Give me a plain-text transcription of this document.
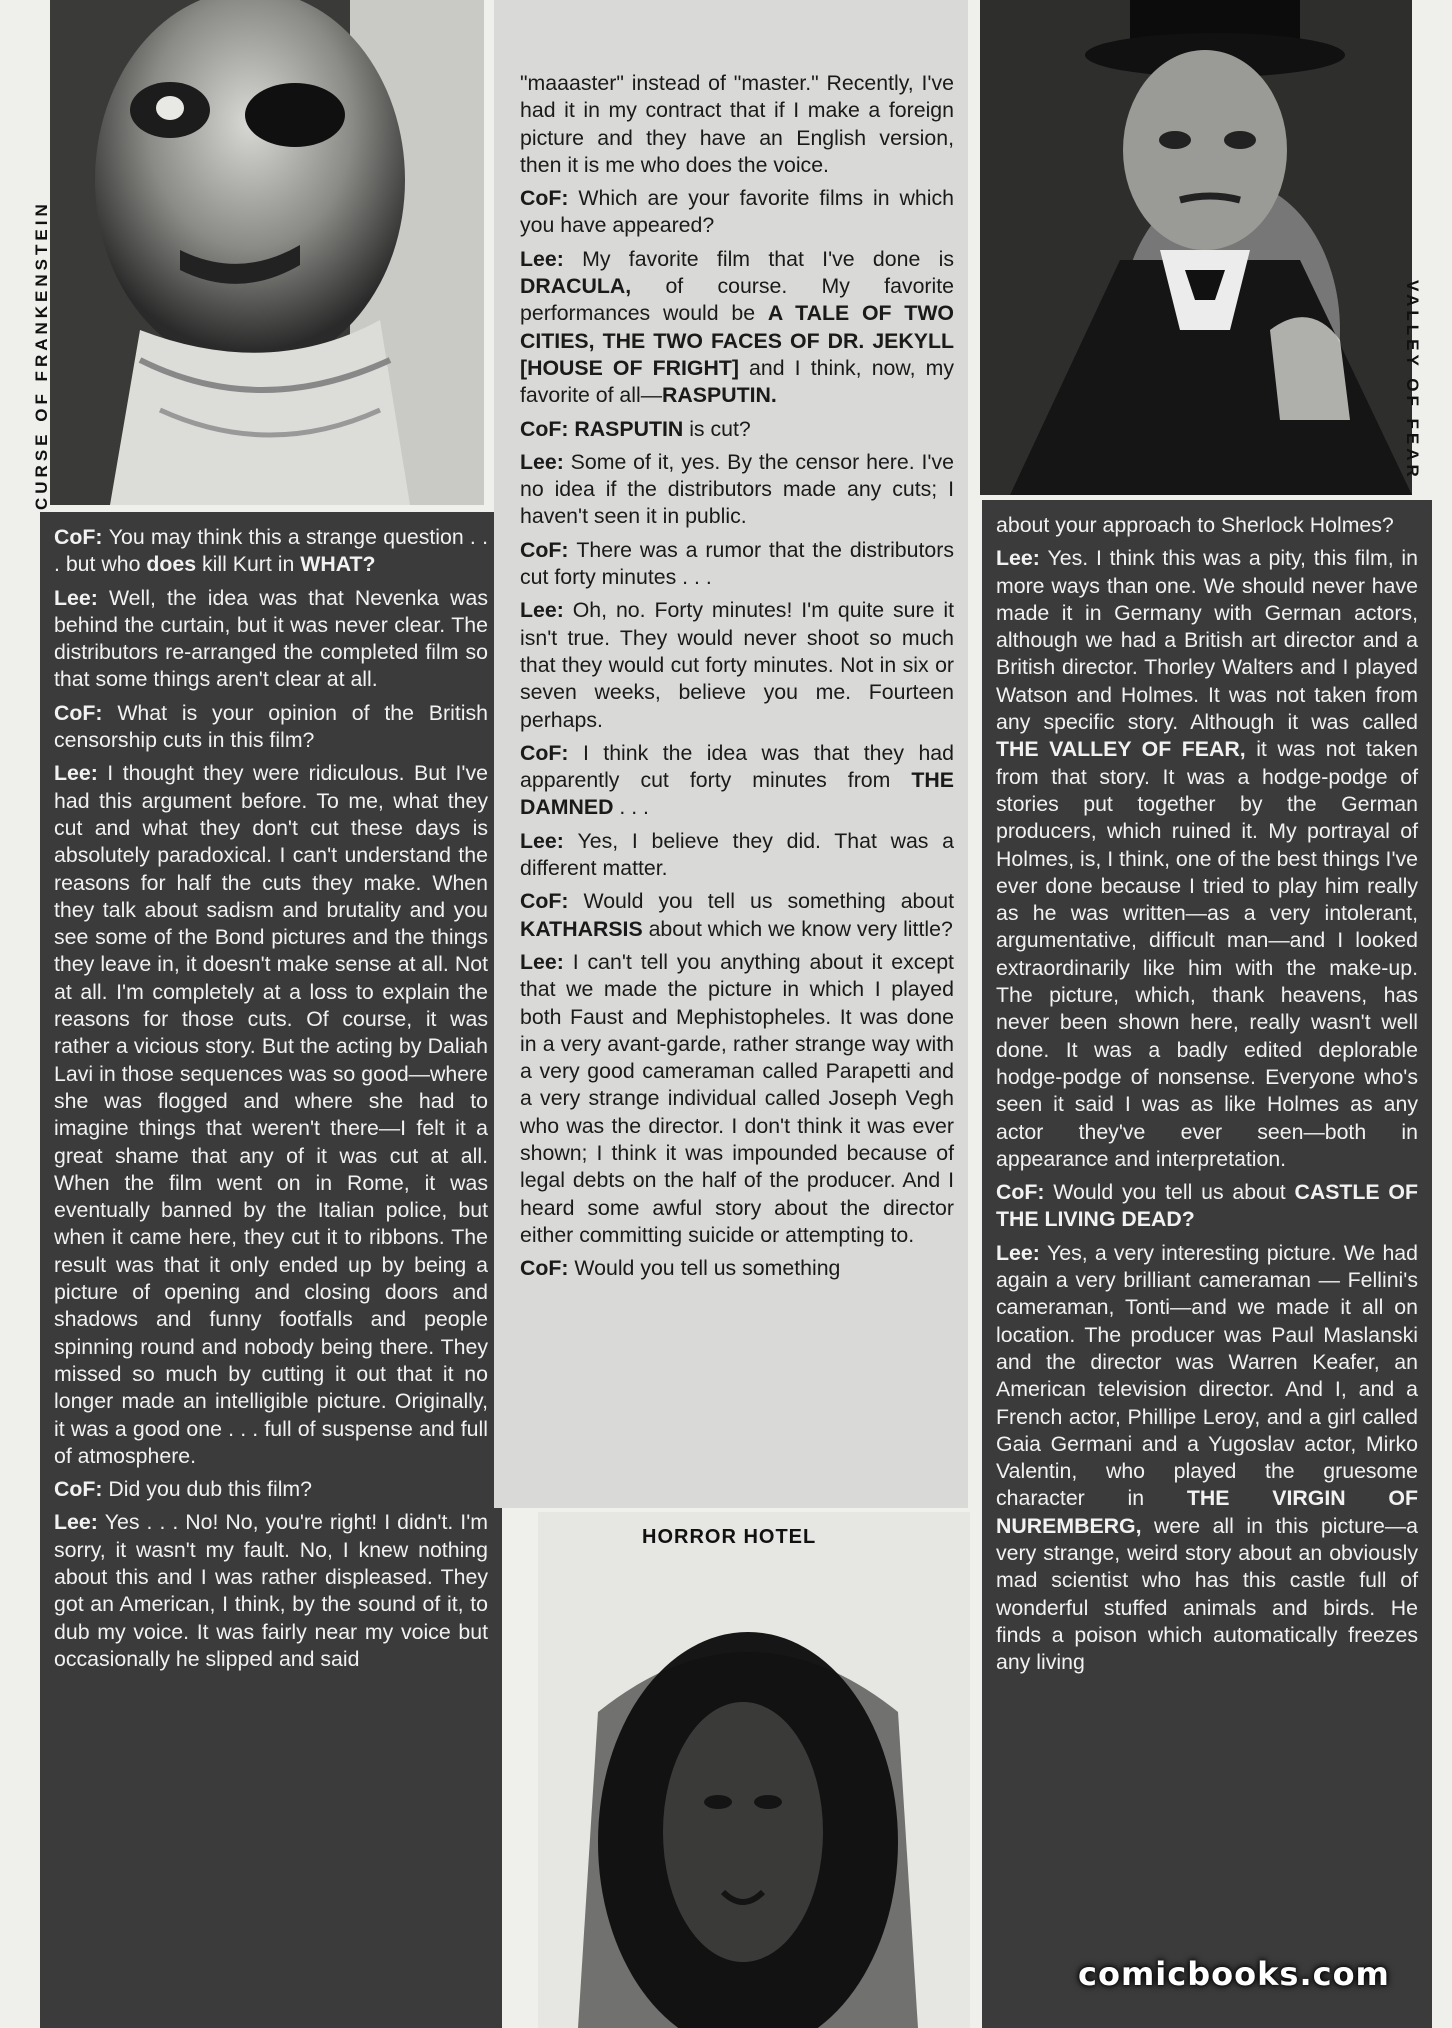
CURSE OF FRANKENSTEIN	VALLEY OF FEAR

CoF: You may think this a strange question . . . but who does kill Kurt in WHAT?

Lee: Well, the idea was that Nevenka was behind the curtain, but it was never clear. The distributors re-arranged the completed film so that some things aren't clear at all.

CoF: What is your opinion of the British censorship cuts in this film?

Lee: I thought they were ridiculous. But I've had this argument before. To me, what they cut and what they don't cut these days is absolutely paradoxical. I can't understand the reasons for half the cuts they make. When they talk about sadism and brutality and you see some of the Bond pictures and the things they leave in, it doesn't make sense at all. Not at all. I'm completely at a loss to explain the reasons for those cuts. Of course, it was rather a vicious story. But the acting by Daliah Lavi in those sequences was so good—where she was flogged and where she had to imagine things that weren't there—I felt it a great shame that any of it was cut at all. When the film went on in Rome, it was eventually banned by the Italian police, but when it came here, they cut it to ribbons. The result was that it only ended up by being a picture of opening and closing doors and shadows and funny footfalls and people spinning round and nobody being there. They missed so much by cutting it out that it no longer made an intelligible picture. Originally, it was a good one . . . full of suspense and full of atmosphere.

CoF: Did you dub this film?

Lee: Yes . . . No! No, you're right! I didn't. I'm sorry, it wasn't my fault. No, I knew nothing about this and I was rather displeased. They got an American, I think, by the sound of it, to dub my voice. It was fairly near my voice but occasionally he slipped and said

"maaaster" instead of "master." Recently, I've had it in my contract that if I make a foreign picture and they have an English version, then it is me who does the voice.

CoF: Which are your favorite films in which you have appeared?

Lee: My favorite film that I've done is DRACULA, of course. My favorite performances would be A TALE OF TWO CITIES, THE TWO FACES OF DR. JEKYLL [HOUSE OF FRIGHT] and I think, now, my favorite of all—RASPUTIN.

CoF: RASPUTIN is cut?

Lee: Some of it, yes. By the censor here. I've no idea if the distributors made any cuts; I haven't seen it in public.

CoF: There was a rumor that the distributors cut forty minutes . . .

Lee: Oh, no. Forty minutes! I'm quite sure it isn't true. They would never shoot so much that they would cut forty minutes. Not in six or seven weeks, believe you me. Fourteen perhaps.

CoF: I think the idea was that they had apparently cut forty minutes from THE DAMNED . . .

Lee: Yes, I believe they did. That was a different matter.

CoF: Would you tell us something about KATHARSIS about which we know very little?

Lee: I can't tell you anything about it except that we made the picture in which I played both Faust and Mephistopheles. It was done in a very avant-garde, rather strange way with a very good cameraman called Parapetti and a very strange individual called Joseph Vegh who was the director. I don't think it was ever shown; I think it was impounded because of legal debts on the half of the producer. And I heard some awful story about the director either committing suicide or attempting to.

CoF: Would you tell us something

about your approach to Sherlock Holmes?

Lee: Yes. I think this was a pity, this film, in more ways than one. We should never have made it in Germany with German actors, although we had a British art director and a British director. Thorley Walters and I played Watson and Holmes. It was not taken from any specific story. Although it was called THE VALLEY OF FEAR, it was not taken from that story. It was a hodge-podge of stories put together by the German producers, which ruined it. My portrayal of Holmes, is, I think, one of the best things I've ever done because I tried to play him really as he was written—as a very intolerant, argumentative, difficult man—and I looked extraordinarily like him with the make-up. The picture, which, thank heavens, has never been shown here, really wasn't well done. It was a badly edited deplorable hodge-podge of nonsense. Everyone who's seen it said I was as like Holmes as any actor they've ever seen—both in appearance and interpretation.

CoF: Would you tell us about CASTLE OF THE LIVING DEAD?

Lee: Yes, a very interesting picture. We had again a very brilliant cameraman — Fellini's cameraman, Tonti—and we made it all on location. The producer was Paul Maslanski and the director was Warren Keafer, an American television director. And I, and a French actor, Phillipe Leroy, and a girl called Gaia Germani and a Yugoslav actor, Mirko Valentin, who played the gruesome character in THE VIRGIN OF NUREMBERG, were all in this picture—a very strange, weird story about an obviously mad scientist who has this castle full of wonderful stuffed animals and birds. He finds a poison which automatically freezes any living

HORROR HOTEL
comicbooks.com
